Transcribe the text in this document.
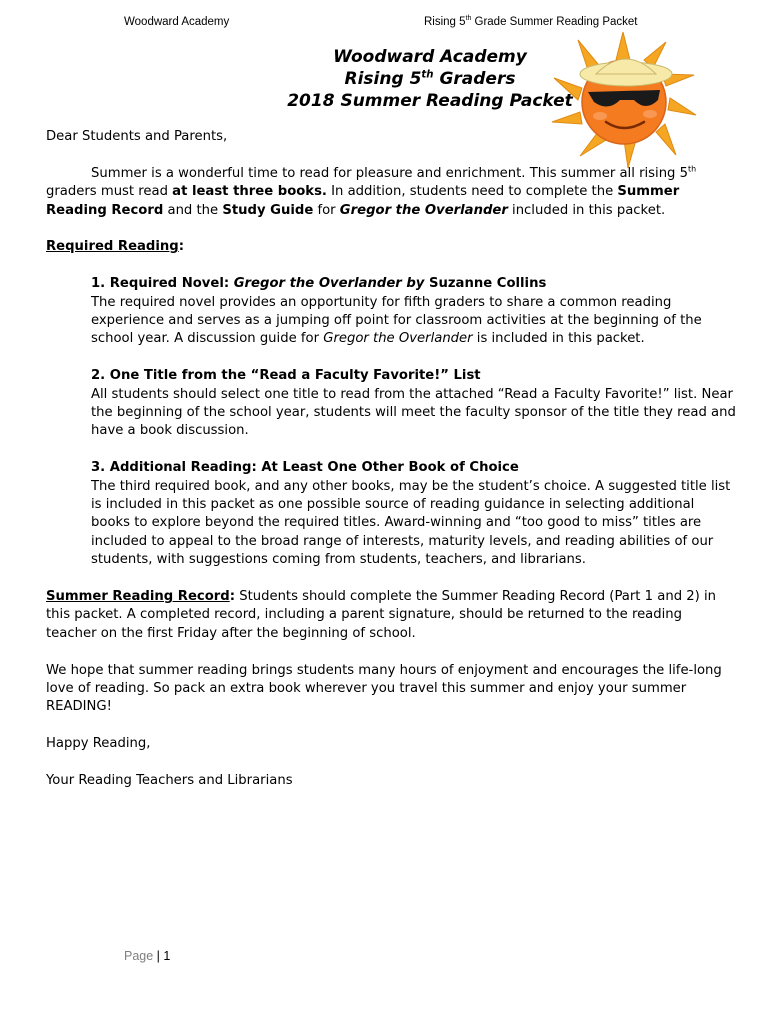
Woodward Academy	Rising 5th Grade Summer Reading Packet
Woodward Academy
Rising 5th Graders
2018 Summer Reading Packet

Dear Students and Parents,

Summer is a wonderful time to read for pleasure and enrichment. This summer all rising 5th graders must read at least three books. In addition, students need to complete the Summer Reading Record and the Study Guide for Gregor the Overlander included in this packet.

Required Reading:

1. Required Novel: Gregor the Overlander by Suzanne Collins

The required novel provides an opportunity for fifth graders to share a common reading experience and serves as a jumping off point for classroom activities at the beginning of the school year. A discussion guide for Gregor the Overlander is included in this packet.

2. One Title from the “Read a Faculty Favorite!” List

All students should select one title to read from the attached “Read a Faculty Favorite!” list. Near the beginning of the school year, students will meet the faculty sponsor of the title they read and have a book discussion.

3. Additional Reading: At Least One Other Book of Choice

The third required book, and any other books, may be the student’s choice. A suggested title list is included in this packet as one possible source of reading guidance in selecting additional books to explore beyond the required titles. Award-winning and “too good to miss” titles are included to appeal to the broad range of interests, maturity levels, and reading abilities of our students, with suggestions coming from students, teachers, and librarians.

Summer Reading Record: Students should complete the Summer Reading Record (Part 1 and 2) in this packet. A completed record, including a parent signature, should be returned to the reading teacher on the first Friday after the beginning of school.

We hope that summer reading brings students many hours of enjoyment and encourages the life-long love of reading. So pack an extra book wherever you travel this summer and enjoy your summer READING!

Happy Reading,

Your Reading Teachers and Librarians

Page | 1
